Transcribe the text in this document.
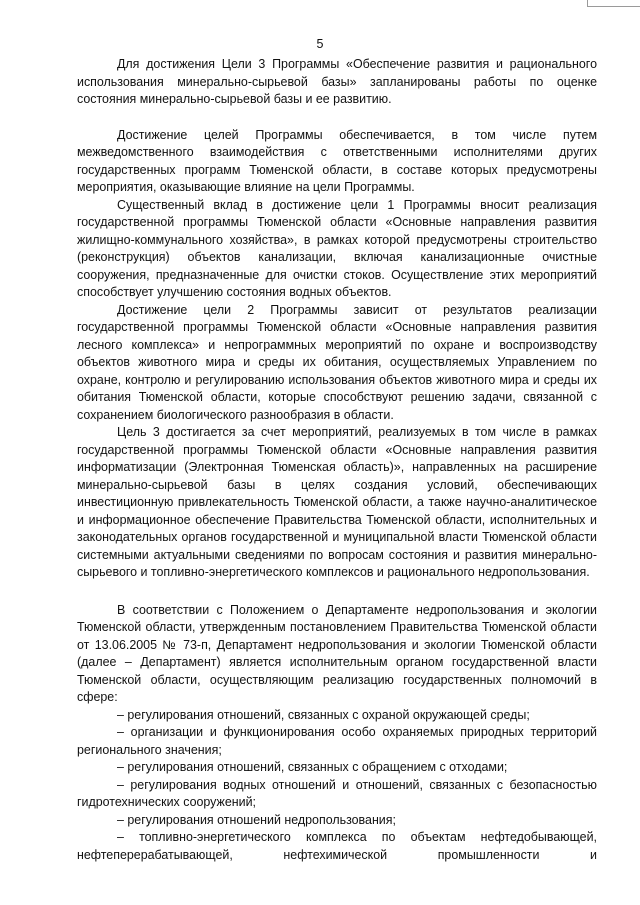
5

Для достижения Цели 3 Программы «Обеспечение развития и рационального использования минерально-сырьевой базы» запланированы работы по оценке состояния минерально-сырьевой базы и ее развитию.

Достижение целей Программы обеспечивается, в том числе путем межведомственного взаимодействия с ответственными исполнителями других государственных программ Тюменской области, в составе которых предусмотрены мероприятия, оказывающие влияние на цели Программы.

Существенный вклад в достижение цели 1 Программы вносит реализация государственной программы Тюменской области «Основные направления развития жилищно-коммунального хозяйства», в рамках которой предусмотрены строительство (реконструкция) объектов канализации, включая канализационные очистные сооружения, предназначенные для очистки стоков. Осуществление этих мероприятий способствует улучшению состояния водных объектов.

Достижение цели 2 Программы зависит от результатов реализации государственной программы Тюменской области «Основные направления развития лесного комплекса» и непрограммных мероприятий по охране и воспроизводству объектов животного мира и среды их обитания, осуществляемых Управлением по охране, контролю и регулированию использования объектов животного мира и среды их обитания Тюменской области, которые способствуют решению задачи, связанной с сохранением биологического разнообразия в области.

Цель 3 достигается за счет мероприятий, реализуемых в том числе в рамках государственной программы Тюменской области «Основные направления развития информатизации (Электронная Тюменская область)», направленных на расширение минерально-сырьевой базы в целях создания условий, обеспечивающих инвестиционную привлекательность Тюменской области, а также научно-аналитическое и информационное обеспечение Правительства Тюменской области, исполнительных и законодательных органов государственной и муниципальной власти Тюменской области системными актуальными сведениями по вопросам состояния и развития минерально-сырьевого и топливно-энергетического комплексов и рационального недропользования.

В соответствии с Положением о Департаменте недропользования и экологии Тюменской области, утвержденным постановлением Правительства Тюменской области от 13.06.2005 № 73-п, Департамент недропользования и экологии Тюменской области (далее – Департамент) является исполнительным органом государственной власти Тюменской области, осуществляющим реализацию государственных полномочий в сфере:

– регулирования отношений, связанных с охраной окружающей среды;
– организации и функционирования особо охраняемых природных территорий регионального значения;
– регулирования отношений, связанных с обращением с отходами;
– регулирования водных отношений и отношений, связанных с безопасностью гидротехнических сооружений;
– регулирования отношений недропользования;
– топливно-энергетического комплекса по объектам нефтедобывающей, нефтеперерабатывающей, нефтехимической промышленности и
